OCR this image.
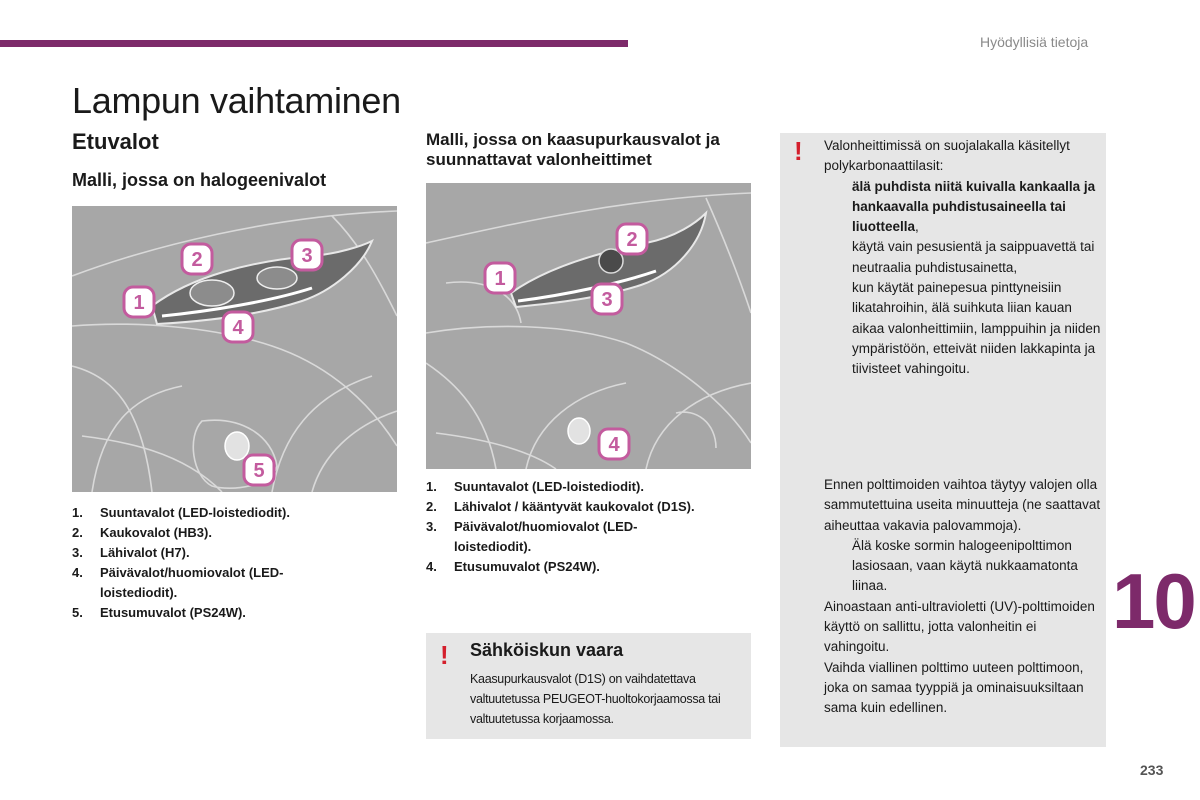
Hyödyllisiä tietoja
Lampun vaihtaminen
Etuvalot
Malli, jossa on halogeenivalot
1
2	3
4
5
1. Suuntavalot (LED-loistediodit).
2. Kaukovalot (HB3).
3. Lähivalot (H7).
4. Päivävalot/huomiovalot (LED-loistediodit).
5. Etusumuvalot (PS24W).
Malli, jossa on kaasupurkausvalot ja suunnattavat valonheittimet
1
2
3
4
1. Suuntavalot (LED-loistediodit).
2. Lähivalot / kääntyvät kaukovalot (D1S).
3. Päivävalot/huomiovalot (LED-loistediodit).
4. Etusumuvalot (PS24W).
! Sähköiskun vaara
Kaasupurkausvalot (D1S) on vaihdatettava valtuutetussa PEUGEOT-huoltokorjaamossa tai valtuutetussa korjaamossa.
! Valonheittimissä on suojalakalla käsitellyt polykarbonaattilasit:
älä puhdista niitä kuivalla kankaalla ja hankaavalla puhdistusaineella tai liuotteella,
käytä vain pesusientä ja saippuavettä tai neutraalia puhdistusainetta,
kun käytät painepesua pinttyneisiin likatahroihin, älä suihkuta liian kauan aikaa valonheittimiin, lamppuihin ja niiden ympäristöön, etteivät niiden lakkapinta ja tiivisteet vahingoitu.
Ennen polttimoiden vaihtoa täytyy valojen olla sammutettuina useita minuutteja (ne saattavat aiheuttaa vakavia palovammoja).
Älä koske sormin halogeenipolttimon lasiosaan, vaan käytä nukkaamatonta liinaa.
Ainoastaan anti-ultravioletti (UV)-polttimoiden käyttö on sallittu, jotta valonheitin ei vahingoitu.
Vaihda viallinen polttimo uuteen polttimoon, joka on samaa tyyppiä ja ominaisuuksiltaan sama kuin edellinen.
10
233
